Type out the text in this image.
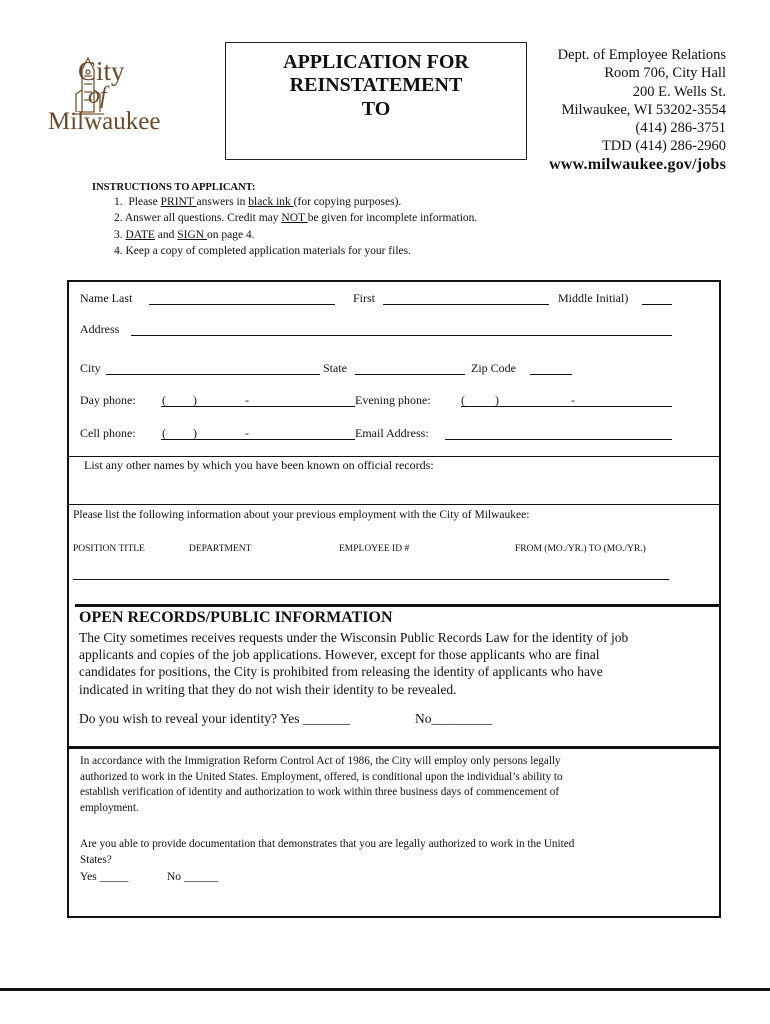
City
of
Milwaukee
APPLICATION FOR
REINSTATEMENT
TO
Dept. of Employee Relations
Room 706, City Hall
200 E. Wells St.
Milwaukee, WI 53202-3554
(414) 286-3751
TDD (414) 286-2960
www.milwaukee.gov/jobs
INSTRUCTIONS TO APPLICANT:
1. Please PRINT answers in black ink (for copying purposes).
2. Answer all questions. Credit may NOT be given for incomplete information.
3. DATE and SIGN on page 4.
4. Keep a copy of completed application materials for your files.
Name Last	First	Middle Initial)
Address
City	State	Zip Code
Day phone: ( )	-	Evening phone:	(	)	-
Cell phone: ( )	-	Email Address:
List any other names by which you have been known on official records:
Please list the following information about your previous employment with the City of Milwaukee:
POSITION TITLE	DEPARTMENT	EMPLOYEE ID #	FROM (MO./YR.) TO (MO./YR.)
OPEN RECORDS/PUBLIC INFORMATION
The City sometimes receives requests under the Wisconsin Public Records Law for the identity of job
applicants and copies of the job applications. However, except for those applicants who are final
candidates for positions, the City is prohibited from releasing the identity of applicants who have
indicated in writing that they do not wish their identity to be revealed.
Do you wish to reveal your identity? Yes _______	No_________
In accordance with the Immigration Reform Control Act of 1986, the City will employ only persons legally
authorized to work in the United States. Employment, offered, is conditional upon the individual’s ability to
establish verification of identity and authorization to work within three business days of commencement of
employment.
Are you able to provide documentation that demonstrates that you are legally authorized to work in the United
States?
Yes _____	No ______
